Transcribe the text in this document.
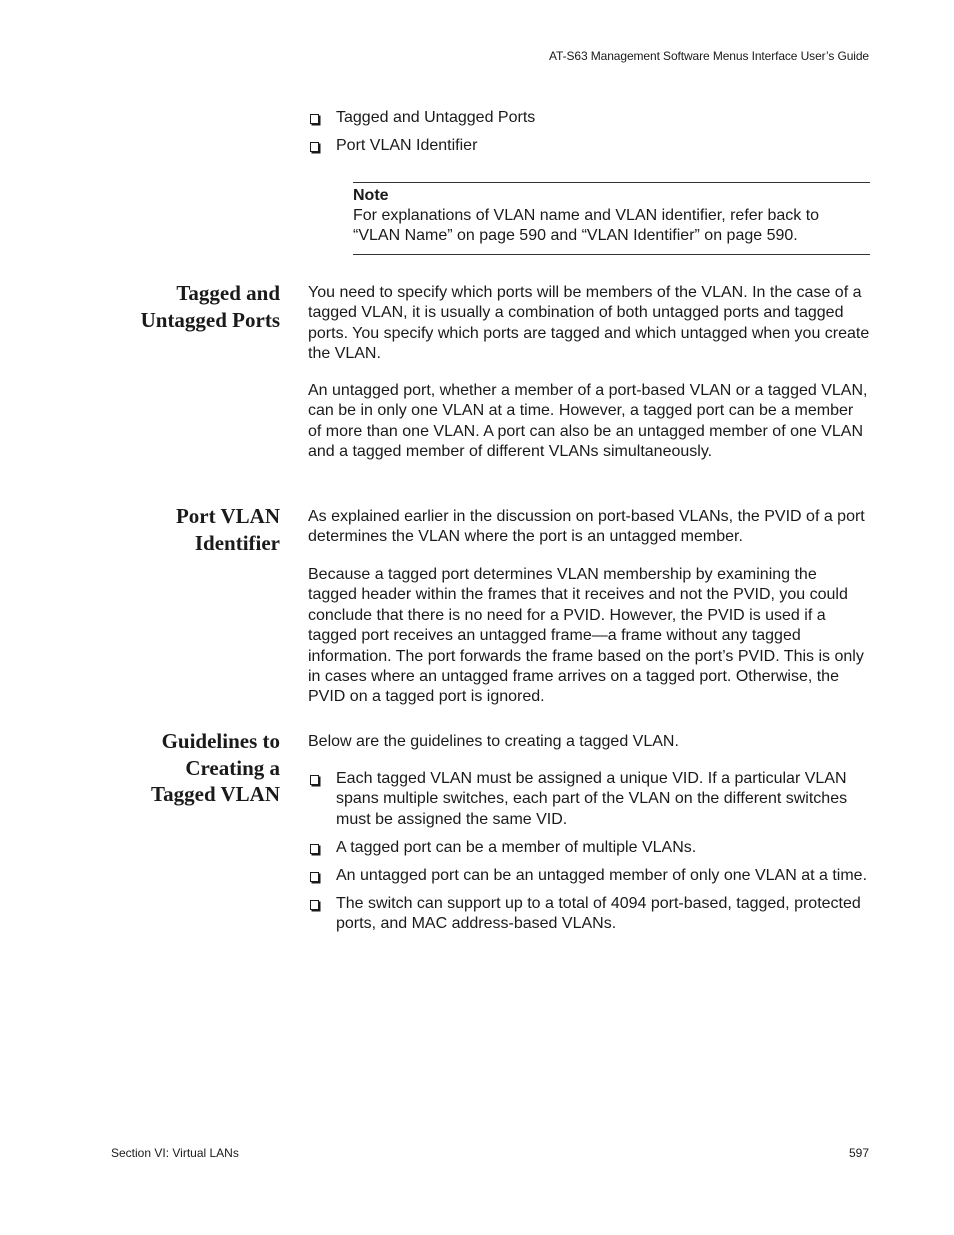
AT-S63 Management Software Menus Interface User’s Guide
Tagged and Untagged Ports
Port VLAN Identifier
Note
For explanations of VLAN name and VLAN identifier, refer back to “VLAN Name” on page 590 and “VLAN Identifier” on page 590.
Tagged and
Untagged Ports

You need to specify which ports will be members of the VLAN. In the case of a tagged VLAN, it is usually a combination of both untagged ports and tagged ports. You specify which ports are tagged and which untagged when you create the VLAN.

An untagged port, whether a member of a port-based VLAN or a tagged VLAN, can be in only one VLAN at a time. However, a tagged port can be a member of more than one VLAN. A port can also be an untagged member of one VLAN and a tagged member of different VLANs simultaneously.

Port VLAN
Identifier

As explained earlier in the discussion on port-based VLANs, the PVID of a port determines the VLAN where the port is an untagged member.

Because a tagged port determines VLAN membership by examining the tagged header within the frames that it receives and not the PVID, you could conclude that there is no need for a PVID. However, the PVID is used if a tagged port receives an untagged frame—a frame without any tagged information. The port forwards the frame based on the port’s PVID. This is only in cases where an untagged frame arrives on a tagged port. Otherwise, the PVID on a tagged port is ignored.

Guidelines to
Creating a
Tagged VLAN

Below are the guidelines to creating a tagged VLAN.

Each tagged VLAN must be assigned a unique VID. If a particular VLAN spans multiple switches, each part of the VLAN on the different switches must be assigned the same VID.
A tagged port can be a member of multiple VLANs.
An untagged port can be an untagged member of only one VLAN at a time.
The switch can support up to a total of 4094 port-based, tagged, protected ports, and MAC address-based VLANs.
Section VI: Virtual LANs	597
